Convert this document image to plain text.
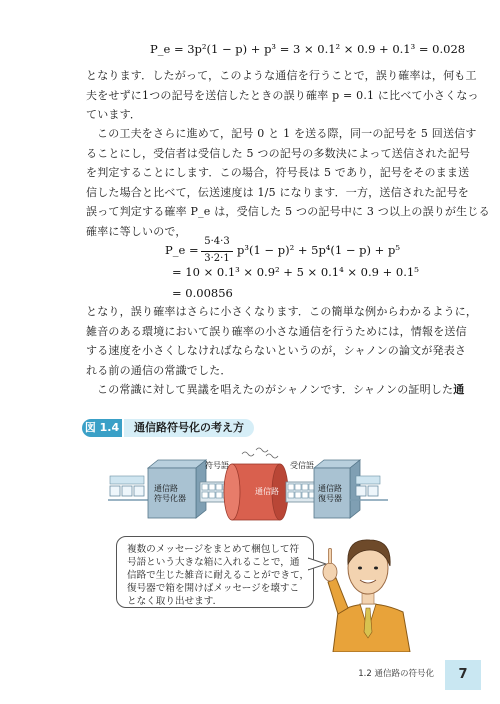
P_e = 3p²(1 − p) + p³ = 3 × 0.1² × 0.9 + 0.1³ = 0.028
となります．したがって，このような通信を行うことで，誤り確率は，何も工
夫をせずに1つの記号を送信したときの誤り確率 p = 0.1 に比べて小さくなっ
ています．
この工夫をさらに進めて，記号 0 と 1 を送る際，同一の記号を 5 回送信す
ることにし，受信者は受信した 5 つの記号の多数決によって送信された記号
を判定することにします．この場合，符号長は 5 であり，記号をそのまま送
信した場合と比べて，伝送速度は 1/5 になります．一方，送信された記号を
誤って判定する確率 P_e は，受信した 5 つの記号中に 3 つ以上の誤りが生じる
確率に等しいので，
P_e =
5·4·3
3·2·1
p³(1 − p)² + 5p⁴(1 − p) + p⁵
= 10 × 0.1³ × 0.9² + 5 × 0.1⁴ × 0.9 + 0.1⁵
= 0.00856
となり，誤り確率はさらに小さくなります．この簡単な例からわかるように，
雑音のある環境において誤り確率の小さな通信を行うためには，情報を送信
する速度を小さくしなければならないというのが，シャノンの論文が発表さ
れる前の通信の常識でした．
この常識に対して異議を唱えたのがシャノンです．シャノンの証明した通
図 1.4	通信路符号化の考え方
符号語	受信語
通信路
符号化器
通信路	通信路
復号器
複数のメッセージをまとめて梱包して符
号語という大きな箱に入れることで，通
信路で生じた雑音に耐えることができて，
復号器で箱を開けばメッセージを壊すこ
となく取り出せます．
1.2 通信路の符号化	7
